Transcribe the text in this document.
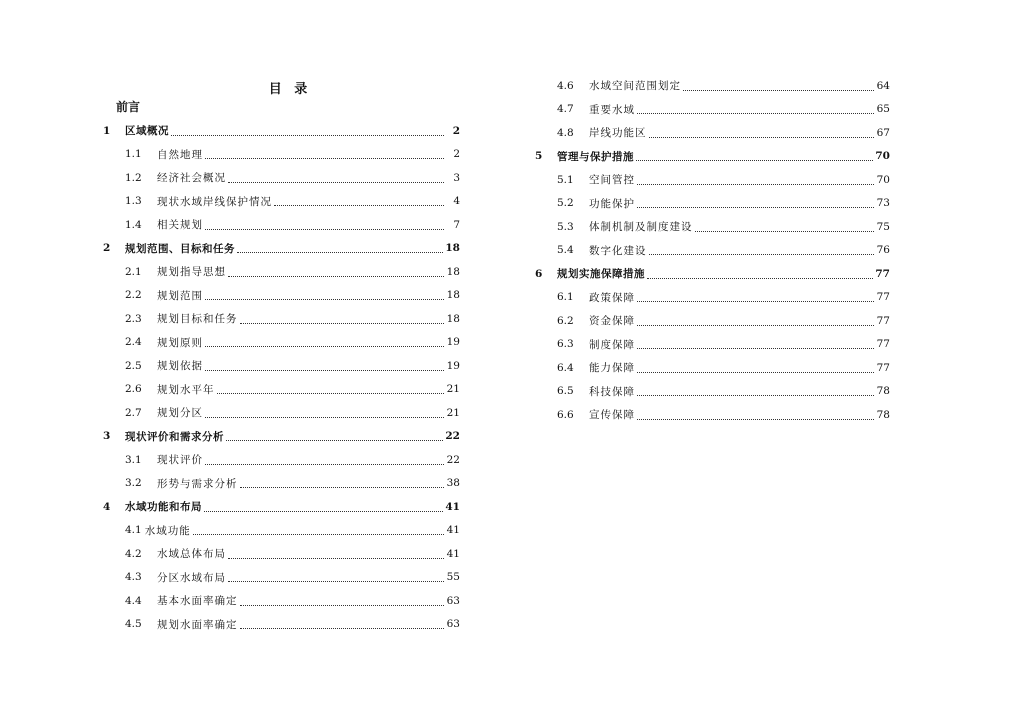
目 录
前言
1	区域概况	2
1.1	自然地理	2
1.2	经济社会概况	3
1.3	现状水域岸线保护情况	4
1.4	相关规划	7
2	规划范围、目标和任务	18
2.1	规划指导思想	18
2.2	规划范围	18
2.3	规划目标和任务	18
2.4	规划原则	19
2.5	规划依据	19
2.6	规划水平年	21
2.7	规划分区	21
3	现状评价和需求分析	22
3.1	现状评价	22
3.2	形势与需求分析	38
4	水域功能和布局	41
4.1 水域功能	41
4.2	水域总体布局	41
4.3	分区水域布局	55
4.4	基本水面率确定	63
4.5	规划水面率确定	63
4.6	水域空间范围划定	64
4.7	重要水域	65
4.8	岸线功能区	67
5	管理与保护措施	70
5.1	空间管控	70
5.2	功能保护	73
5.3	体制机制及制度建设	75
5.4	数字化建设	76
6	规划实施保障措施	77
6.1	政策保障	77
6.2	资金保障	77
6.3	制度保障	77
6.4	能力保障	77
6.5	科技保障	78
6.6	宣传保障	78
